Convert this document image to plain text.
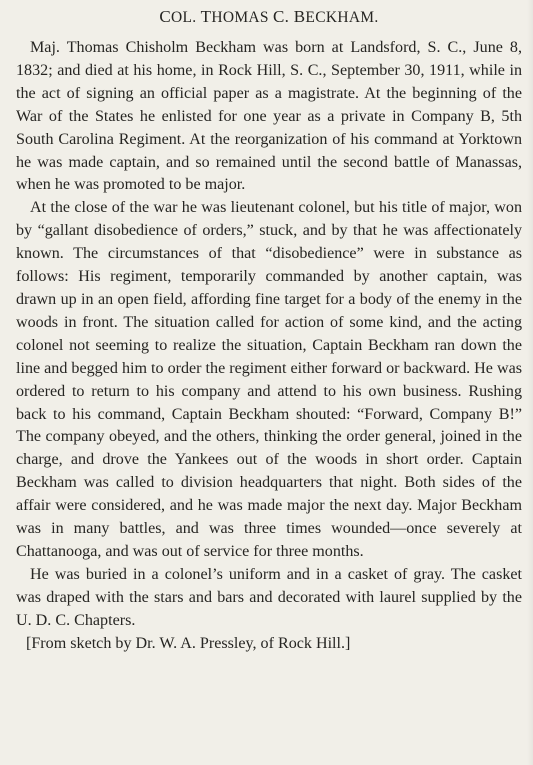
COL. THOMAS C. BECKHAM.

Maj. Thomas Chisholm Beckham was born at Landsford, S. C., June 8, 1832; and died at his home, in Rock Hill, S. C., September 30, 1911, while in the act of signing an official paper as a magistrate. At the beginning of the War of the States he enlisted for one year as a private in Company B, 5th South Carolina Regiment. At the reorganization of his command at Yorktown he was made captain, and so remained until the second battle of Manassas, when he was promoted to be major.

At the close of the war he was lieutenant colonel, but his title of major, won by “gallant disobedience of orders,” stuck, and by that he was affectionately known. The circumstances of that “disobedience” were in substance as follows: His regiment, temporarily commanded by another captain, was drawn up in an open field, affording fine target for a body of the enemy in the woods in front. The situation called for action of some kind, and the acting colonel not seeming to realize the situation, Captain Beckham ran down the line and begged him to order the regiment either forward or backward. He was ordered to return to his company and attend to his own business. Rushing back to his command, Captain Beckham shouted: “Forward, Company B!” The company obeyed, and the others, thinking the order general, joined in the charge, and drove the Yankees out of the woods in short order. Captain Beckham was called to division headquarters that night. Both sides of the affair were considered, and he was made major the next day. Major Beckham was in many battles, and was three times wounded—once severely at Chattanooga, and was out of service for three months.

He was buried in a colonel’s uniform and in a casket of gray. The casket was draped with the stars and bars and decorated with laurel supplied by the U. D. C. Chapters.

[From sketch by Dr. W. A. Pressley, of Rock Hill.]
